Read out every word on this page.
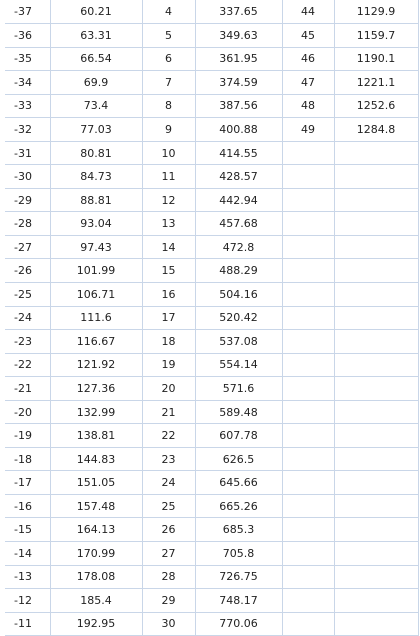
-37	60.21	4	337.65	44	1129.9
-36	63.31	5	349.63	45	1159.7
-35	66.54	6	361.95	46	1190.1
-34	69.9	7	374.59	47	1221.1
-33	73.4	8	387.56	48	1252.6
-32	77.03	9	400.88	49	1284.8
-31	80.81	10	414.55		
-30	84.73	11	428.57		
-29	88.81	12	442.94		
-28	93.04	13	457.68		
-27	97.43	14	472.8		
-26	101.99	15	488.29		
-25	106.71	16	504.16		
-24	111.6	17	520.42		
-23	116.67	18	537.08		
-22	121.92	19	554.14		
-21	127.36	20	571.6		
-20	132.99	21	589.48		
-19	138.81	22	607.78		
-18	144.83	23	626.5		
-17	151.05	24	645.66		
-16	157.48	25	665.26		
-15	164.13	26	685.3		
-14	170.99	27	705.8		
-13	178.08	28	726.75		
-12	185.4	29	748.17		
-11	192.95	30	770.06		
